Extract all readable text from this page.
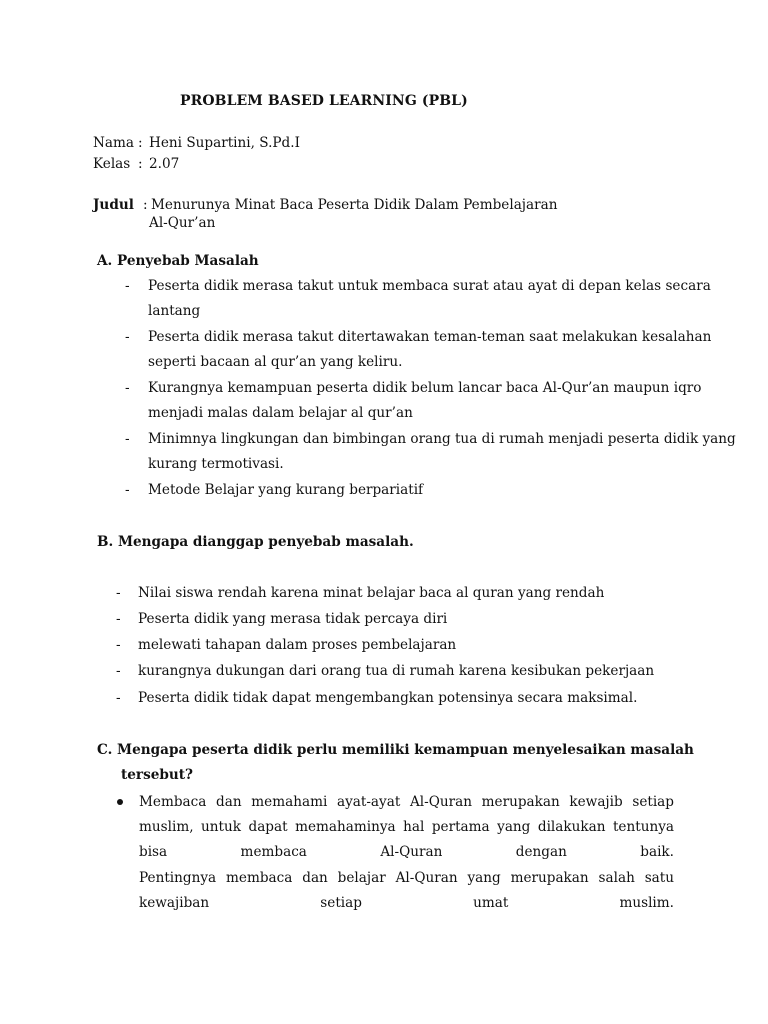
PROBLEM BASED LEARNING (PBL)
Nama : Heni Supartini, S.Pd.I
Kelas : 2.07
Judul : Menurunya Minat Baca Peserta Didik Dalam Pembelajaran
Al-Qur’an
A. Penyebab Masalah
- Peserta didik merasa takut untuk membaca surat atau ayat di depan kelas secara
lantang
- Peserta didik merasa takut ditertawakan teman-teman saat melakukan kesalahan
seperti bacaan al qur’an yang keliru.
- Kurangnya kemampuan peserta didik belum lancar baca Al-Qur’an maupun iqro
menjadi malas dalam belajar al qur’an
- Minimnya lingkungan dan bimbingan orang tua di rumah menjadi peserta didik yang
kurang termotivasi.
- Metode Belajar yang kurang berpariatif
B. Mengapa dianggap penyebab masalah.
- Nilai siswa rendah karena minat belajar baca al quran yang rendah
- Peserta didik yang merasa tidak percaya diri
- melewati tahapan dalam proses pembelajaran
- kurangnya dukungan dari orang tua di rumah karena kesibukan pekerjaan
- Peserta didik tidak dapat mengembangkan potensinya secara maksimal.
C. Mengapa peserta didik perlu memiliki kemampuan menyelesaikan masalah
tersebut?
Membaca dan memahami ayat-ayat Al-Quran merupakan kewajib setiap muslim, untuk dapat memahaminya hal pertama yang dilakukan tentunya bisa membaca Al-Quran dengan baik.
Pentingnya membaca dan belajar Al-Quran yang merupakan salah satu kewajiban setiap umat muslim.
